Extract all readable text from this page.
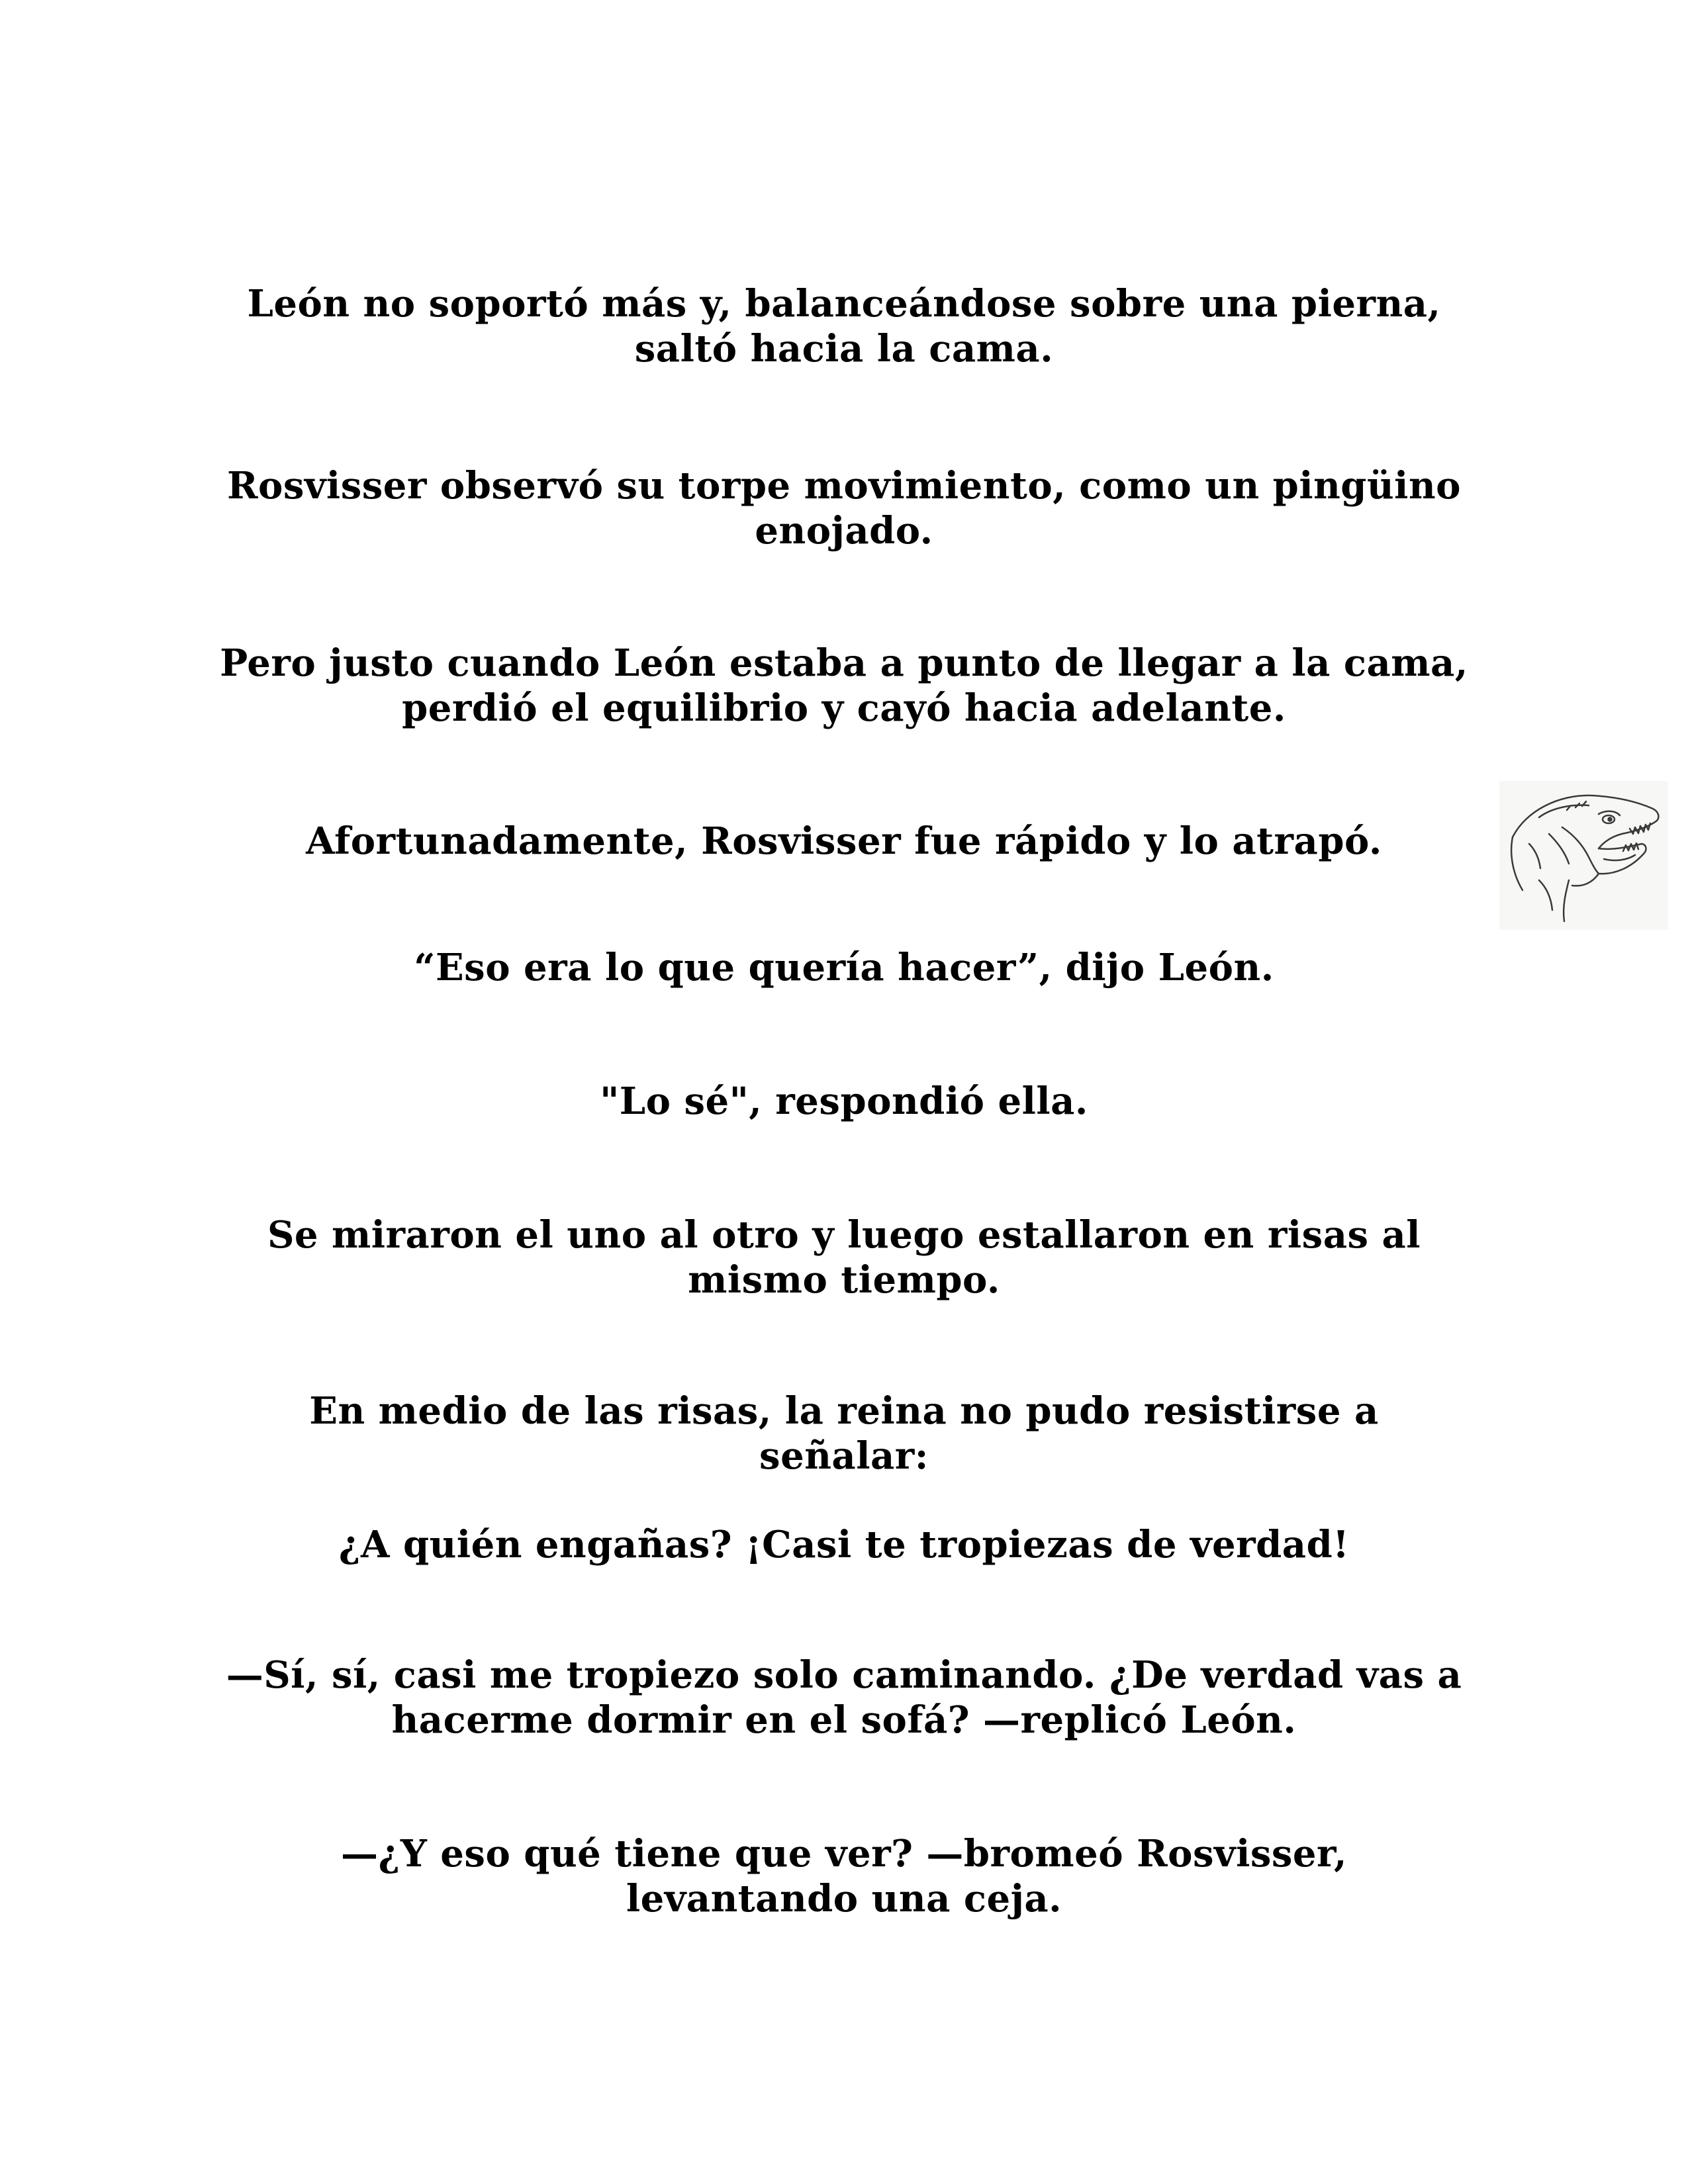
León no soportó más y, balanceándose sobre una pierna, saltó hacia la cama.

Rosvisser observó su torpe movimiento, como un pingüino enojado.

Pero justo cuando León estaba a punto de llegar a la cama, perdió el equilibrio y cayó hacia adelante.

Afortunadamente, Rosvisser fue rápido y lo atrapó.

“Eso era lo que quería hacer”, dijo León.

"Lo sé", respondió ella.

Se miraron el uno al otro y luego estallaron en risas al mismo tiempo.

En medio de las risas, la reina no pudo resistirse a señalar:

¿A quién engañas? ¡Casi te tropiezas de verdad!

—Sí, sí, casi me tropiezo solo caminando. ¿De verdad vas a hacerme dormir en el sofá? —replicó León.

—¿Y eso qué tiene que ver? —bromeó Rosvisser, levantando una ceja.
